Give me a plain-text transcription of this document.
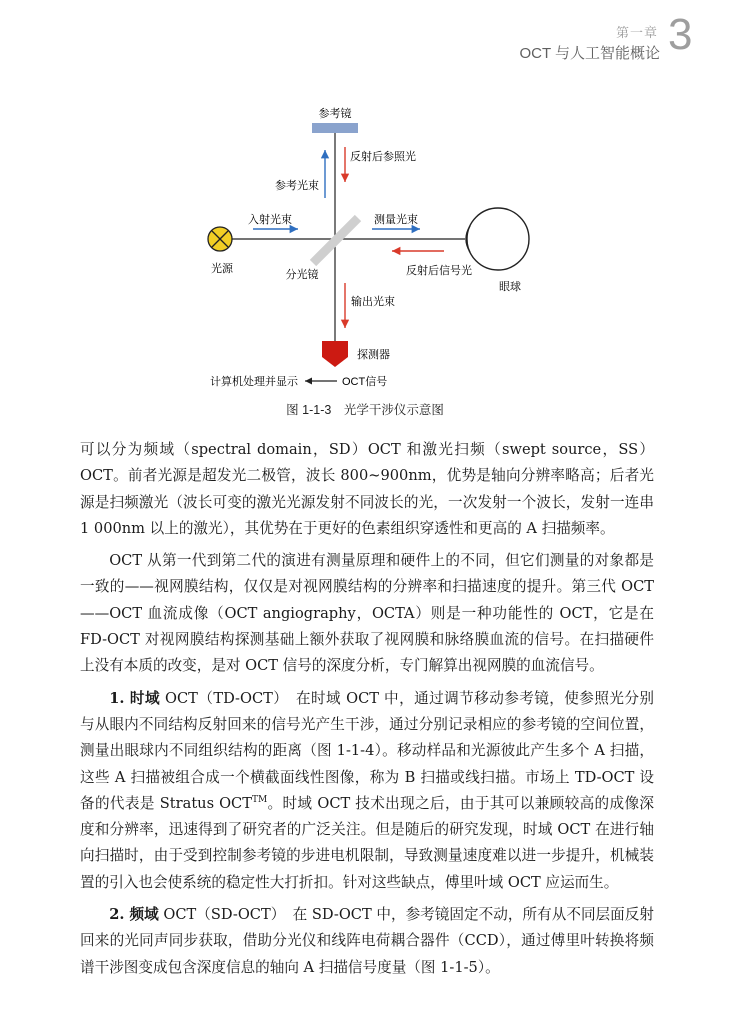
第一章
OCT 与人工智能概论 3
参考镜
分光镜
光源
入射光束
参考光束
反射后参照光
测量光束
反射后信号光
眼球
输出光束
探测器
OCT信号
计算机处理并显示
图 1-1-3　光学干涉仪示意图

可以分为频域（spectral domain，SD）OCT 和激光扫频（swept source，SS）OCT。前者光源是超发光二极管，波长 800~900nm，优势是轴向分辨率略高；后者光源是扫频激光（波长可变的激光光源发射不同波长的光，一次发射一个波长，发射一连串 1 000nm 以上的激光），其优势在于更好的色素组织穿透性和更高的 A 扫描频率。

OCT 从第一代到第二代的演进有测量原理和硬件上的不同，但它们测量的对象都是一致的——视网膜结构，仅仅是对视网膜结构的分辨率和扫描速度的提升。第三代 OCT——OCT 血流成像（OCT angiography，OCTA）则是一种功能性的 OCT，它是在 FD-OCT 对视网膜结构探测基础上额外获取了视网膜和脉络膜血流的信号。在扫描硬件上没有本质的改变，是对 OCT 信号的深度分析，专门解算出视网膜的血流信号。

1. 时域 OCT（TD-OCT）　在时域 OCT 中，通过调节移动参考镜，使参照光分别与从眼内不同结构反射回来的信号光产生干涉，通过分别记录相应的参考镜的空间位置，测量出眼球内不同组织结构的距离（图 1-1-4）。移动样品和光源彼此产生多个 A 扫描，这些 A 扫描被组合成一个横截面线性图像，称为 B 扫描或线扫描。市场上 TD-OCT 设备的代表是 Stratus OCT™。时域 OCT 技术出现之后，由于其可以兼顾较高的成像深度和分辨率，迅速得到了研究者的广泛关注。但是随后的研究发现，时域 OCT 在进行轴向扫描时，由于受到控制参考镜的步进电机限制，导致测量速度难以进一步提升，机械装置的引入也会使系统的稳定性大打折扣。针对这些缺点，傅里叶域 OCT 应运而生。

2. 频域 OCT（SD-OCT）　在 SD-OCT 中，参考镜固定不动，所有从不同层面反射回来的光同声同步获取，借助分光仪和线阵电荷耦合器件（CCD），通过傅里叶转换将频谱干涉图变成包含深度信息的轴向 A 扫描信号度量（图 1-1-5）。
